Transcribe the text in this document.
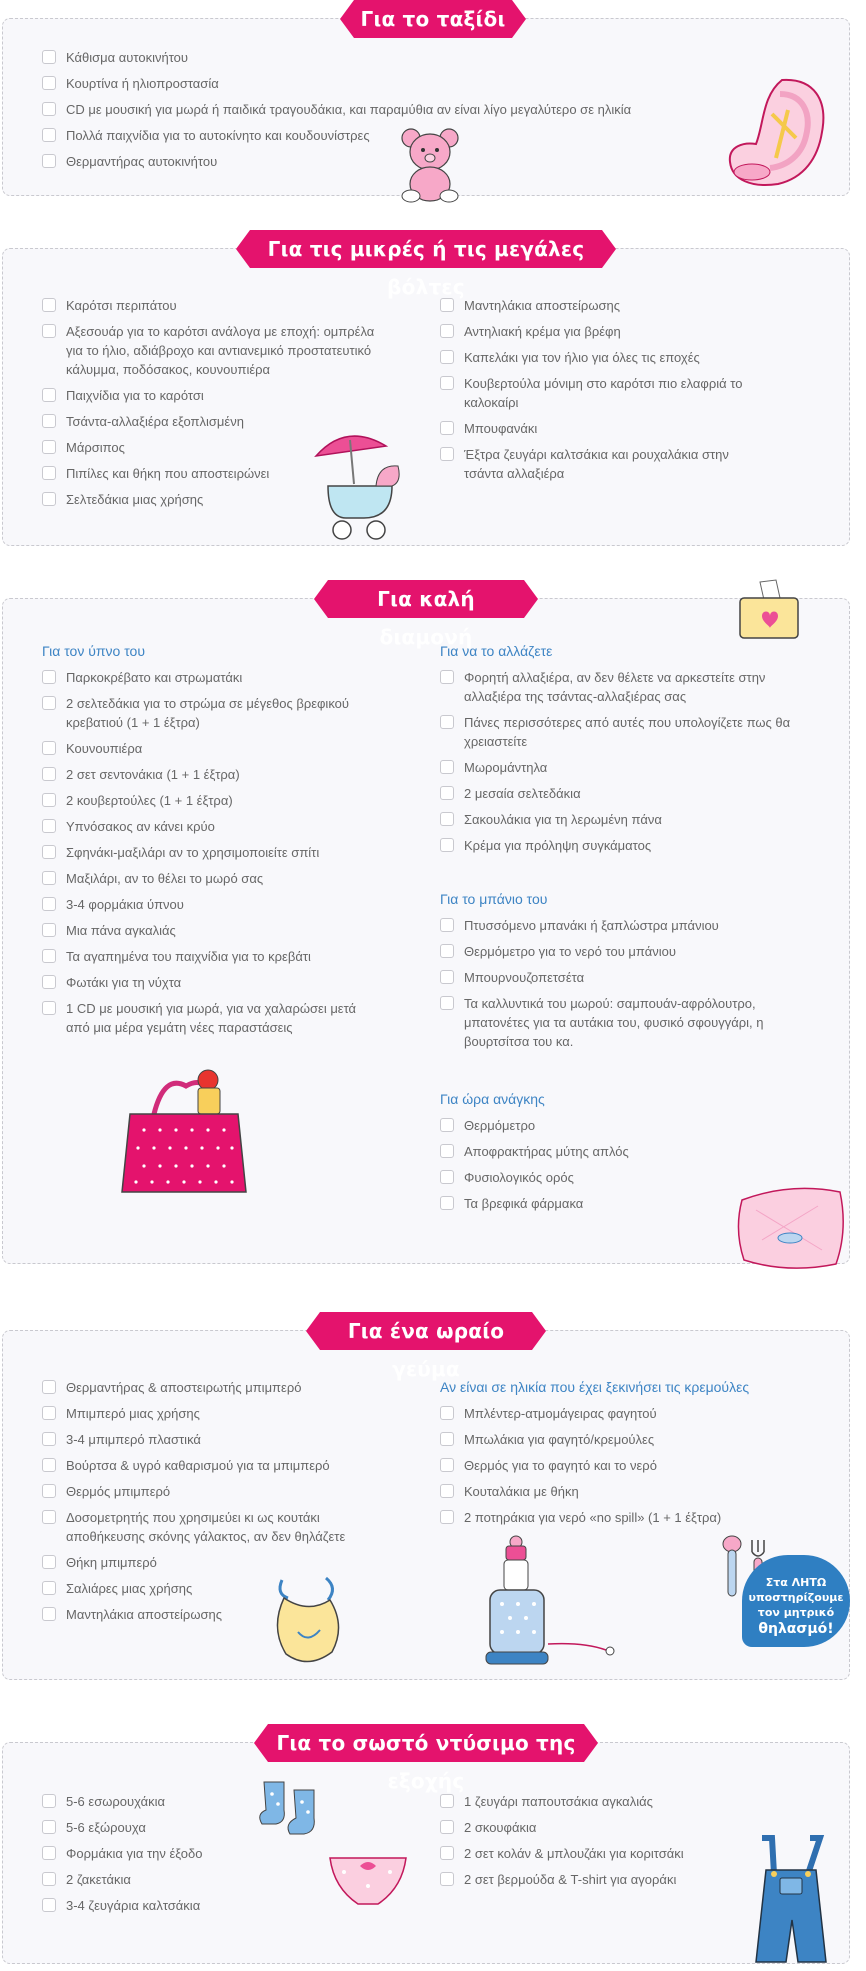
Για το ταξίδι
Κάθισμα αυτοκινήτου
Κουρτίνα ή ηλιοπροστασία
CD με μουσική για μωρά ή παιδικά τραγουδάκια, και παραμύθια αν είναι λίγο μεγαλύτερο σε ηλικία
Πολλά παιχνίδια για το αυτοκίνητο και κουδουνίστρες
Θερμαντήρας αυτοκινήτου
Για τις μικρές ή τις μεγάλες βόλτες
Καρότσι περιπάτου
Αξεσουάρ για το καρότσι ανάλογα με εποχή: ομπρέλα για το ήλιο, αδιάβροχο και αντιανεμικό προστατευτικό κάλυμμα, ποδόσακος, κουνουπιέρα
Παιχνίδια για το καρότσι
Τσάντα-αλλαξιέρα εξοπλισμένη
Μάρσιπος
Πιπίλες και θήκη που αποστειρώνει
Σελτεδάκια μιας χρήσης
Μαντηλάκια αποστείρωσης
Αντηλιακή κρέμα για βρέφη
Καπελάκι για τον ήλιο για όλες τις εποχές
Κουβερτούλα μόνιμη στο καρότσι πιο ελαφριά το καλοκαίρι
Μπουφανάκι
Έξτρα ζευγάρι καλτσάκια και ρουχαλάκια στην τσάντα αλλαξιέρα
Για καλή διαμονή
Για τον ύπνο του
Παρκοκρέβατο και στρωματάκι
2 σελτεδάκια για το στρώμα σε μέγεθος βρεφικού κρεβατιού (1 + 1 έξτρα)
Κουνουπιέρα
2 σετ σεντονάκια (1 + 1 έξτρα)
2 κουβερτούλες (1 + 1 έξτρα)
Υπνόσακος αν κάνει κρύο
Σφηνάκι-μαξιλάρι αν το χρησιμοποιείτε σπίτι
Μαξιλάρι, αν το θέλει το μωρό σας
3-4 φορμάκια ύπνου
Μια πάνα αγκαλιάς
Τα αγαπημένα του παιχνίδια για το κρεβάτι
Φωτάκι για τη νύχτα
1 CD με μουσική για μωρά, για να χαλαρώσει μετά από μια μέρα γεμάτη νέες παραστάσεις
Για να το αλλάζετε
Φορητή αλλαξιέρα, αν δεν θέλετε να αρκεστείτε στην αλλαξιέρα της τσάντας-αλλαξιέρας σας
Πάνες περισσότερες από αυτές που υπολογίζετε πως θα χρειαστείτε
Μωρομάντηλα
2 μεσαία σελτεδάκια
Σακουλάκια για τη λερωμένη πάνα
Κρέμα για πρόληψη συγκάματος
Για το μπάνιο του
Πτυσσόμενο μπανάκι ή ξαπλώστρα μπάνιου
Θερμόμετρο για το νερό του μπάνιου
Μπουρνουζοπετσέτα
Τα καλλυντικά του μωρού: σαμπουάν-αφρόλουτρο, μπατονέτες για τα αυτάκια του, φυσικό σφουγγάρι, η βουρτσίτσα του κα.
Για ώρα ανάγκης
Θερμόμετρο
Αποφρακτήρας μύτης απλός
Φυσιολογικός ορός
Τα βρεφικά φάρμακα
Για ένα ωραίο γεύμα
Θερμαντήρας & αποστειρωτής μπιμπερό
Μπιμπερό μιας χρήσης
3-4 μπιμπερό πλαστικά
Βούρτσα & υγρό καθαρισμού για τα μπιμπερό
Θερμός μπιμπερό
Δοσομετρητής που χρησιμεύει κι ως κουτάκι αποθήκευσης σκόνης γάλακτος, αν δεν θηλάζετε
Θήκη μπιμπερό
Σαλιάρες μιας χρήσης
Μαντηλάκια αποστείρωσης
Αν είναι σε ηλικία που έχει ξεκινήσει τις κρεμούλες
Μπλέντερ-ατμομάγειρας φαγητού
Μπωλάκια για φαγητό/κρεμούλες
Θερμός για το φαγητό και το νερό
Κουταλάκια με θήκη
2 ποτηράκια για νερό «no spill» (1 + 1 έξτρα)
Στα ΛΗΤΩ
υποστηρίζουμε
τον μητρικό
θηλασμό!
Για το σωστό ντύσιμο της εξοχής
5-6 εσωρουχάκια
5-6 εξώρουχα
Φορμάκια για την έξοδο
2 ζακετάκια
3-4 ζευγάρια καλτσάκια
1 ζευγάρι παπουτσάκια αγκαλιάς
2 σκουφάκια
2 σετ κολάν & μπλουζάκι για κοριτσάκι
2 σετ βερμούδα & T-shirt για αγοράκι
